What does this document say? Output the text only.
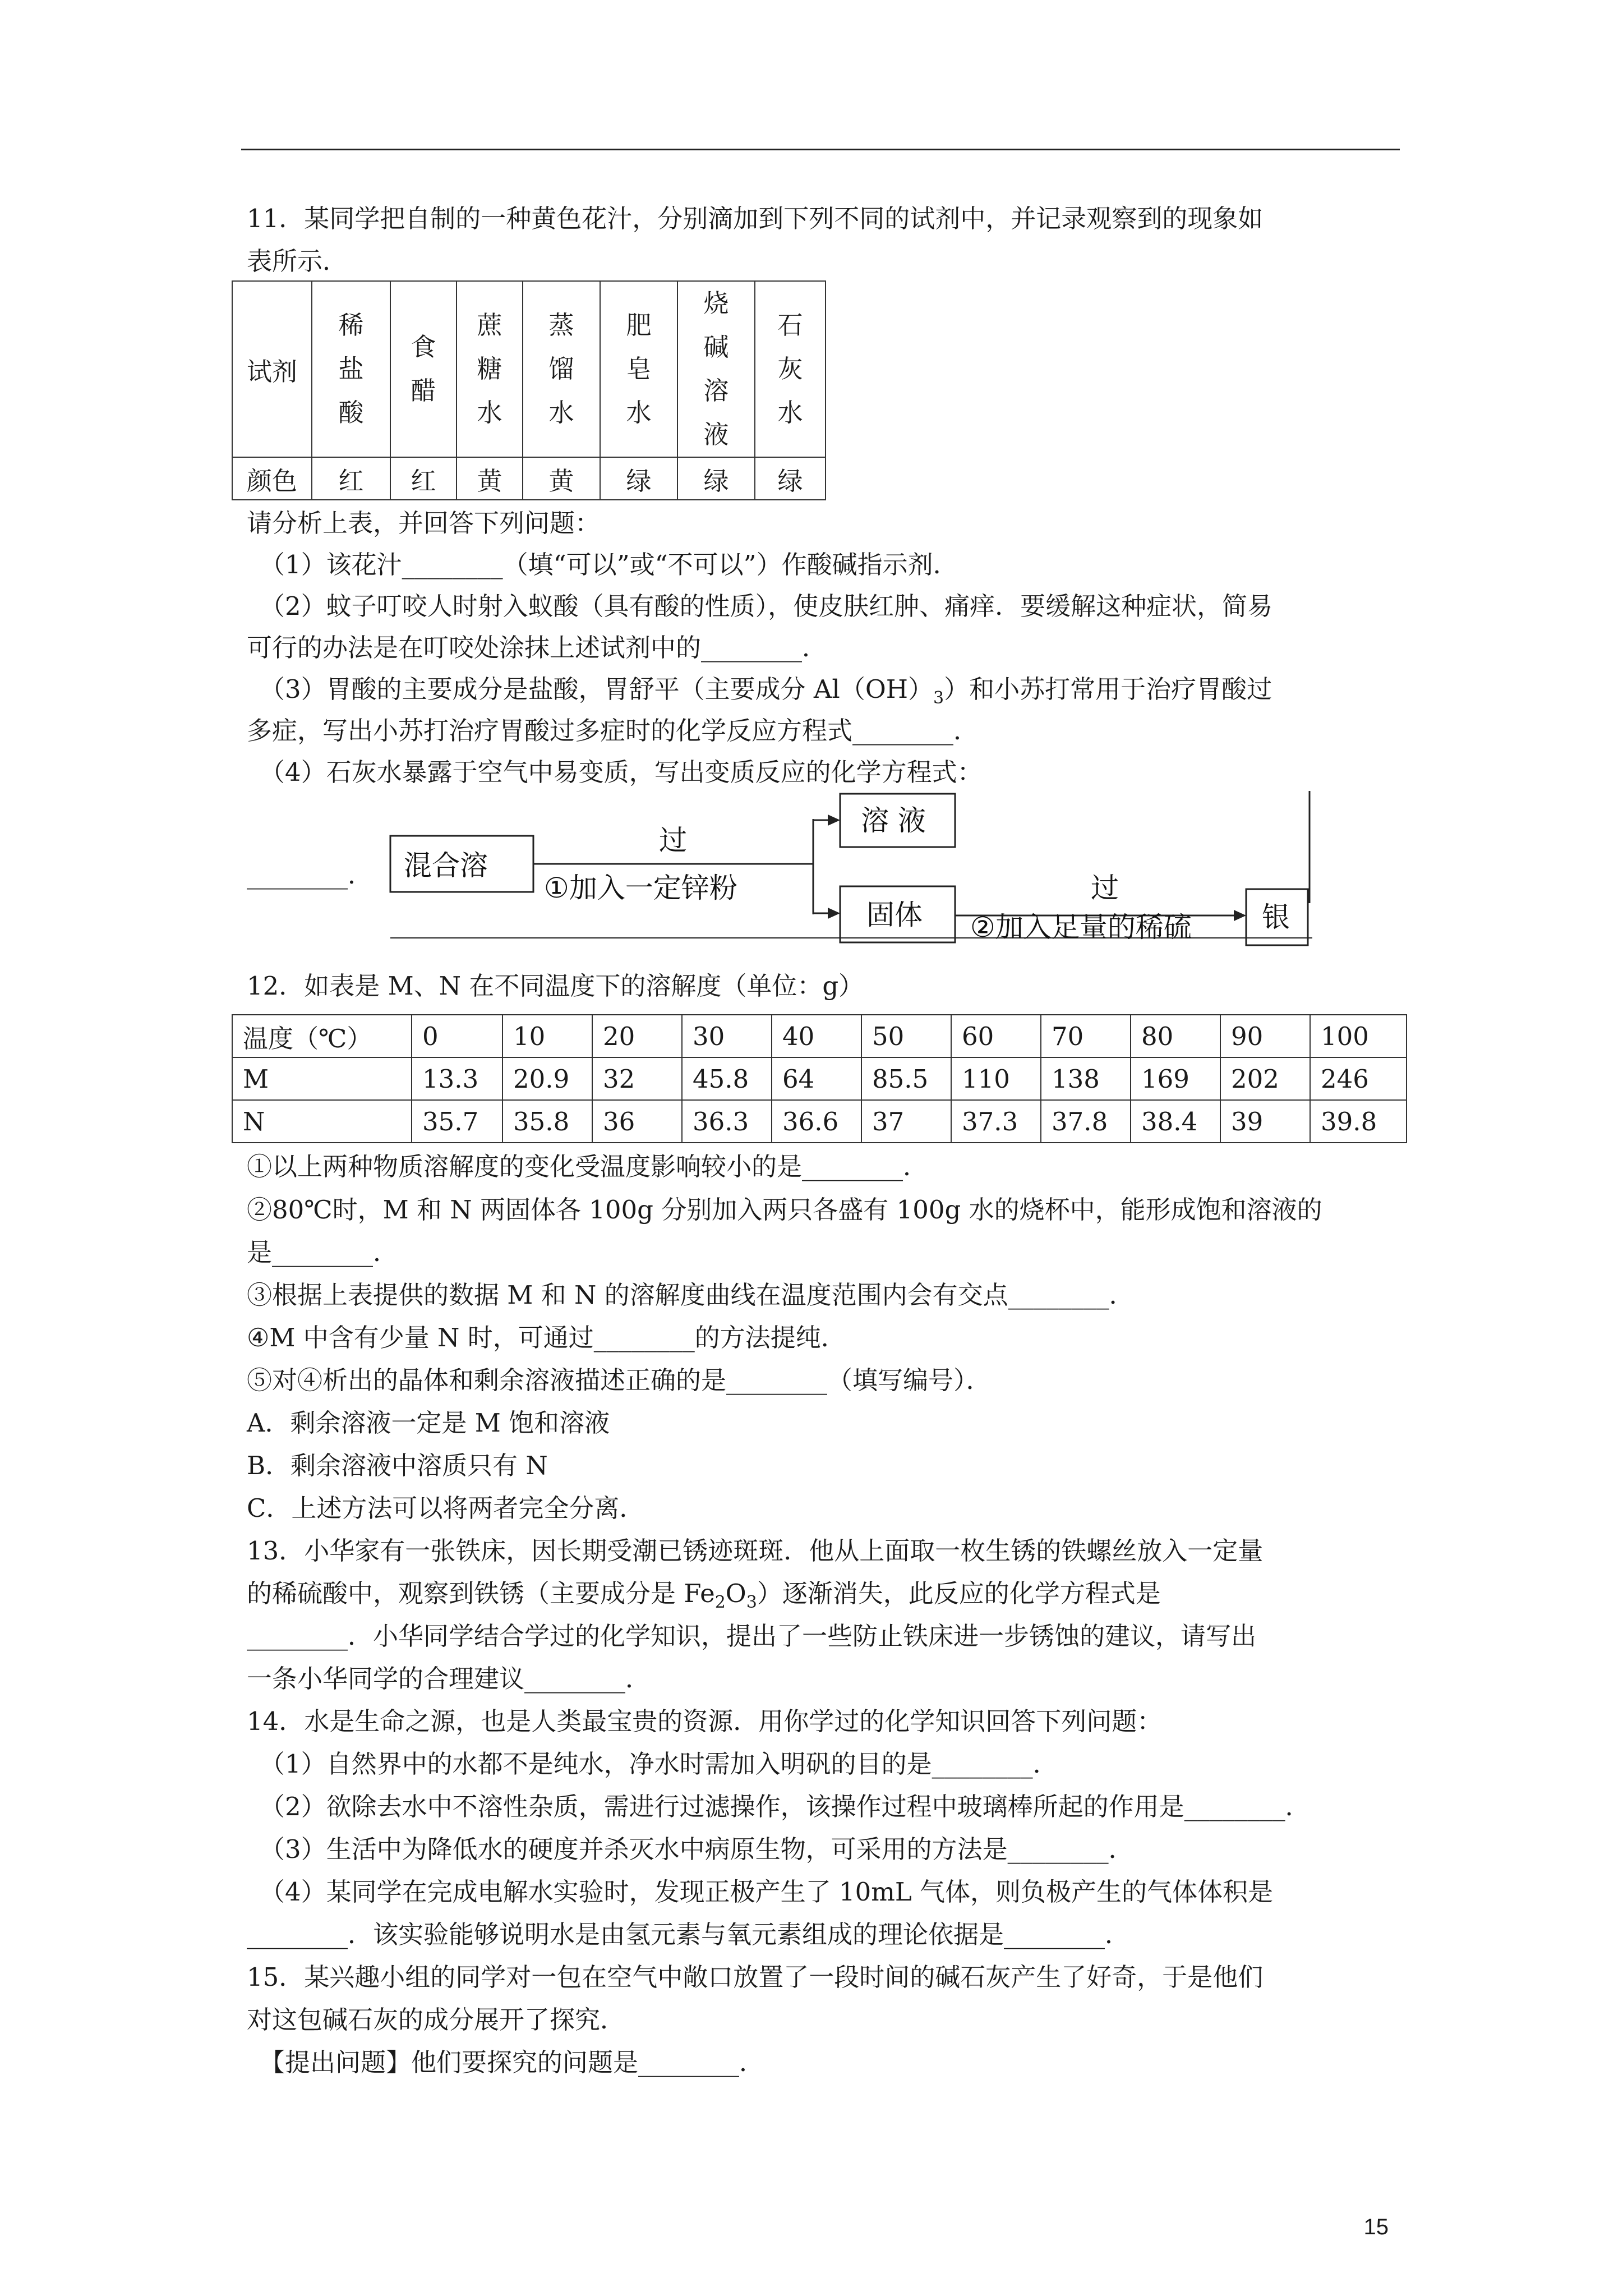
11．某同学把自制的一种黄色花汁，分别滴加到下列不同的试剂中，并记录观察到的现象如
表所示．
试剂	稀盐酸	食醋	蔗糖水	蒸馏水	肥皂水	烧碱溶液	石灰水
颜色	红	红	黄	黄	绿	绿	绿
请分析上表，并回答下列问题：
（1）该花汁________（填“可以”或“不可以”）作酸碱指示剂．
（2）蚊子叮咬人时射入蚁酸（具有酸的性质），使皮肤红肿、痛痒．要缓解这种症状，简易
可行的办法是在叮咬处涂抹上述试剂中的________．
（3）胃酸的主要成分是盐酸，胃舒平（主要成分 $Al(OH)_3$）和小苏打常用于治疗胃酸过
多症，写出小苏打治疗胃酸过多症时的化学反应方程式________．
（4）石灰水暴露于空气中易变质，写出变质反应的化学方程式：
________． 混合溶
过
①加入一定锌粉
溶 液
固体
过
②加入足量的稀硫	银
12．如表是 M、N 在不同温度下的溶解度（单位：g）
温度（℃）	0	10	20	30	40	50	60	70	80	90	100
M	13.3	20.9	32	45.8	64	85.5	110	138	169	202	246
N	35.7	35.8	36	36.3	36.6	37	37.3	37.8	38.4	39	39.8
①以上两种物质溶解度的变化受温度影响较小的是________．
②80℃时，M 和 N 两固体各 100g 分别加入两只各盛有 100g 水的烧杯中，能形成饱和溶液的
是________．
③根据上表提供的数据 M 和 N 的溶解度曲线在温度范围内会有交点________．
④M 中含有少量 N 时，可通过________的方法提纯．
⑤对④析出的晶体和剩余溶液描述正确的是________（填写编号）．
A．剩余溶液一定是 M 饱和溶液
B．剩余溶液中溶质只有 N
C．上述方法可以将两者完全分离．
13．小华家有一张铁床，因长期受潮已锈迹斑斑．他从上面取一枚生锈的铁螺丝放入一定量
的稀硫酸中，观察到铁锈（主要成分是 $Fe_2O_3$）逐渐消失，此反应的化学方程式是
________．小华同学结合学过的化学知识，提出了一些防止铁床进一步锈蚀的建议，请写出
一条小华同学的合理建议________．
14．水是生命之源，也是人类最宝贵的资源．用你学过的化学知识回答下列问题：
（1）自然界中的水都不是纯水，净水时需加入明矾的目的是________．
（2）欲除去水中不溶性杂质，需进行过滤操作，该操作过程中玻璃棒所起的作用是________．
（3）生活中为降低水的硬度并杀灭水中病原生物，可采用的方法是________．
（4）某同学在完成电解水实验时，发现正极产生了 10mL 气体，则负极产生的气体体积是
________．该实验能够说明水是由氢元素与氧元素组成的理论依据是________．
15．某兴趣小组的同学对一包在空气中敞口放置了一段时间的碱石灰产生了好奇，于是他们
对这包碱石灰的成分展开了探究．
【提出问题】他们要探究的问题是________．
15
